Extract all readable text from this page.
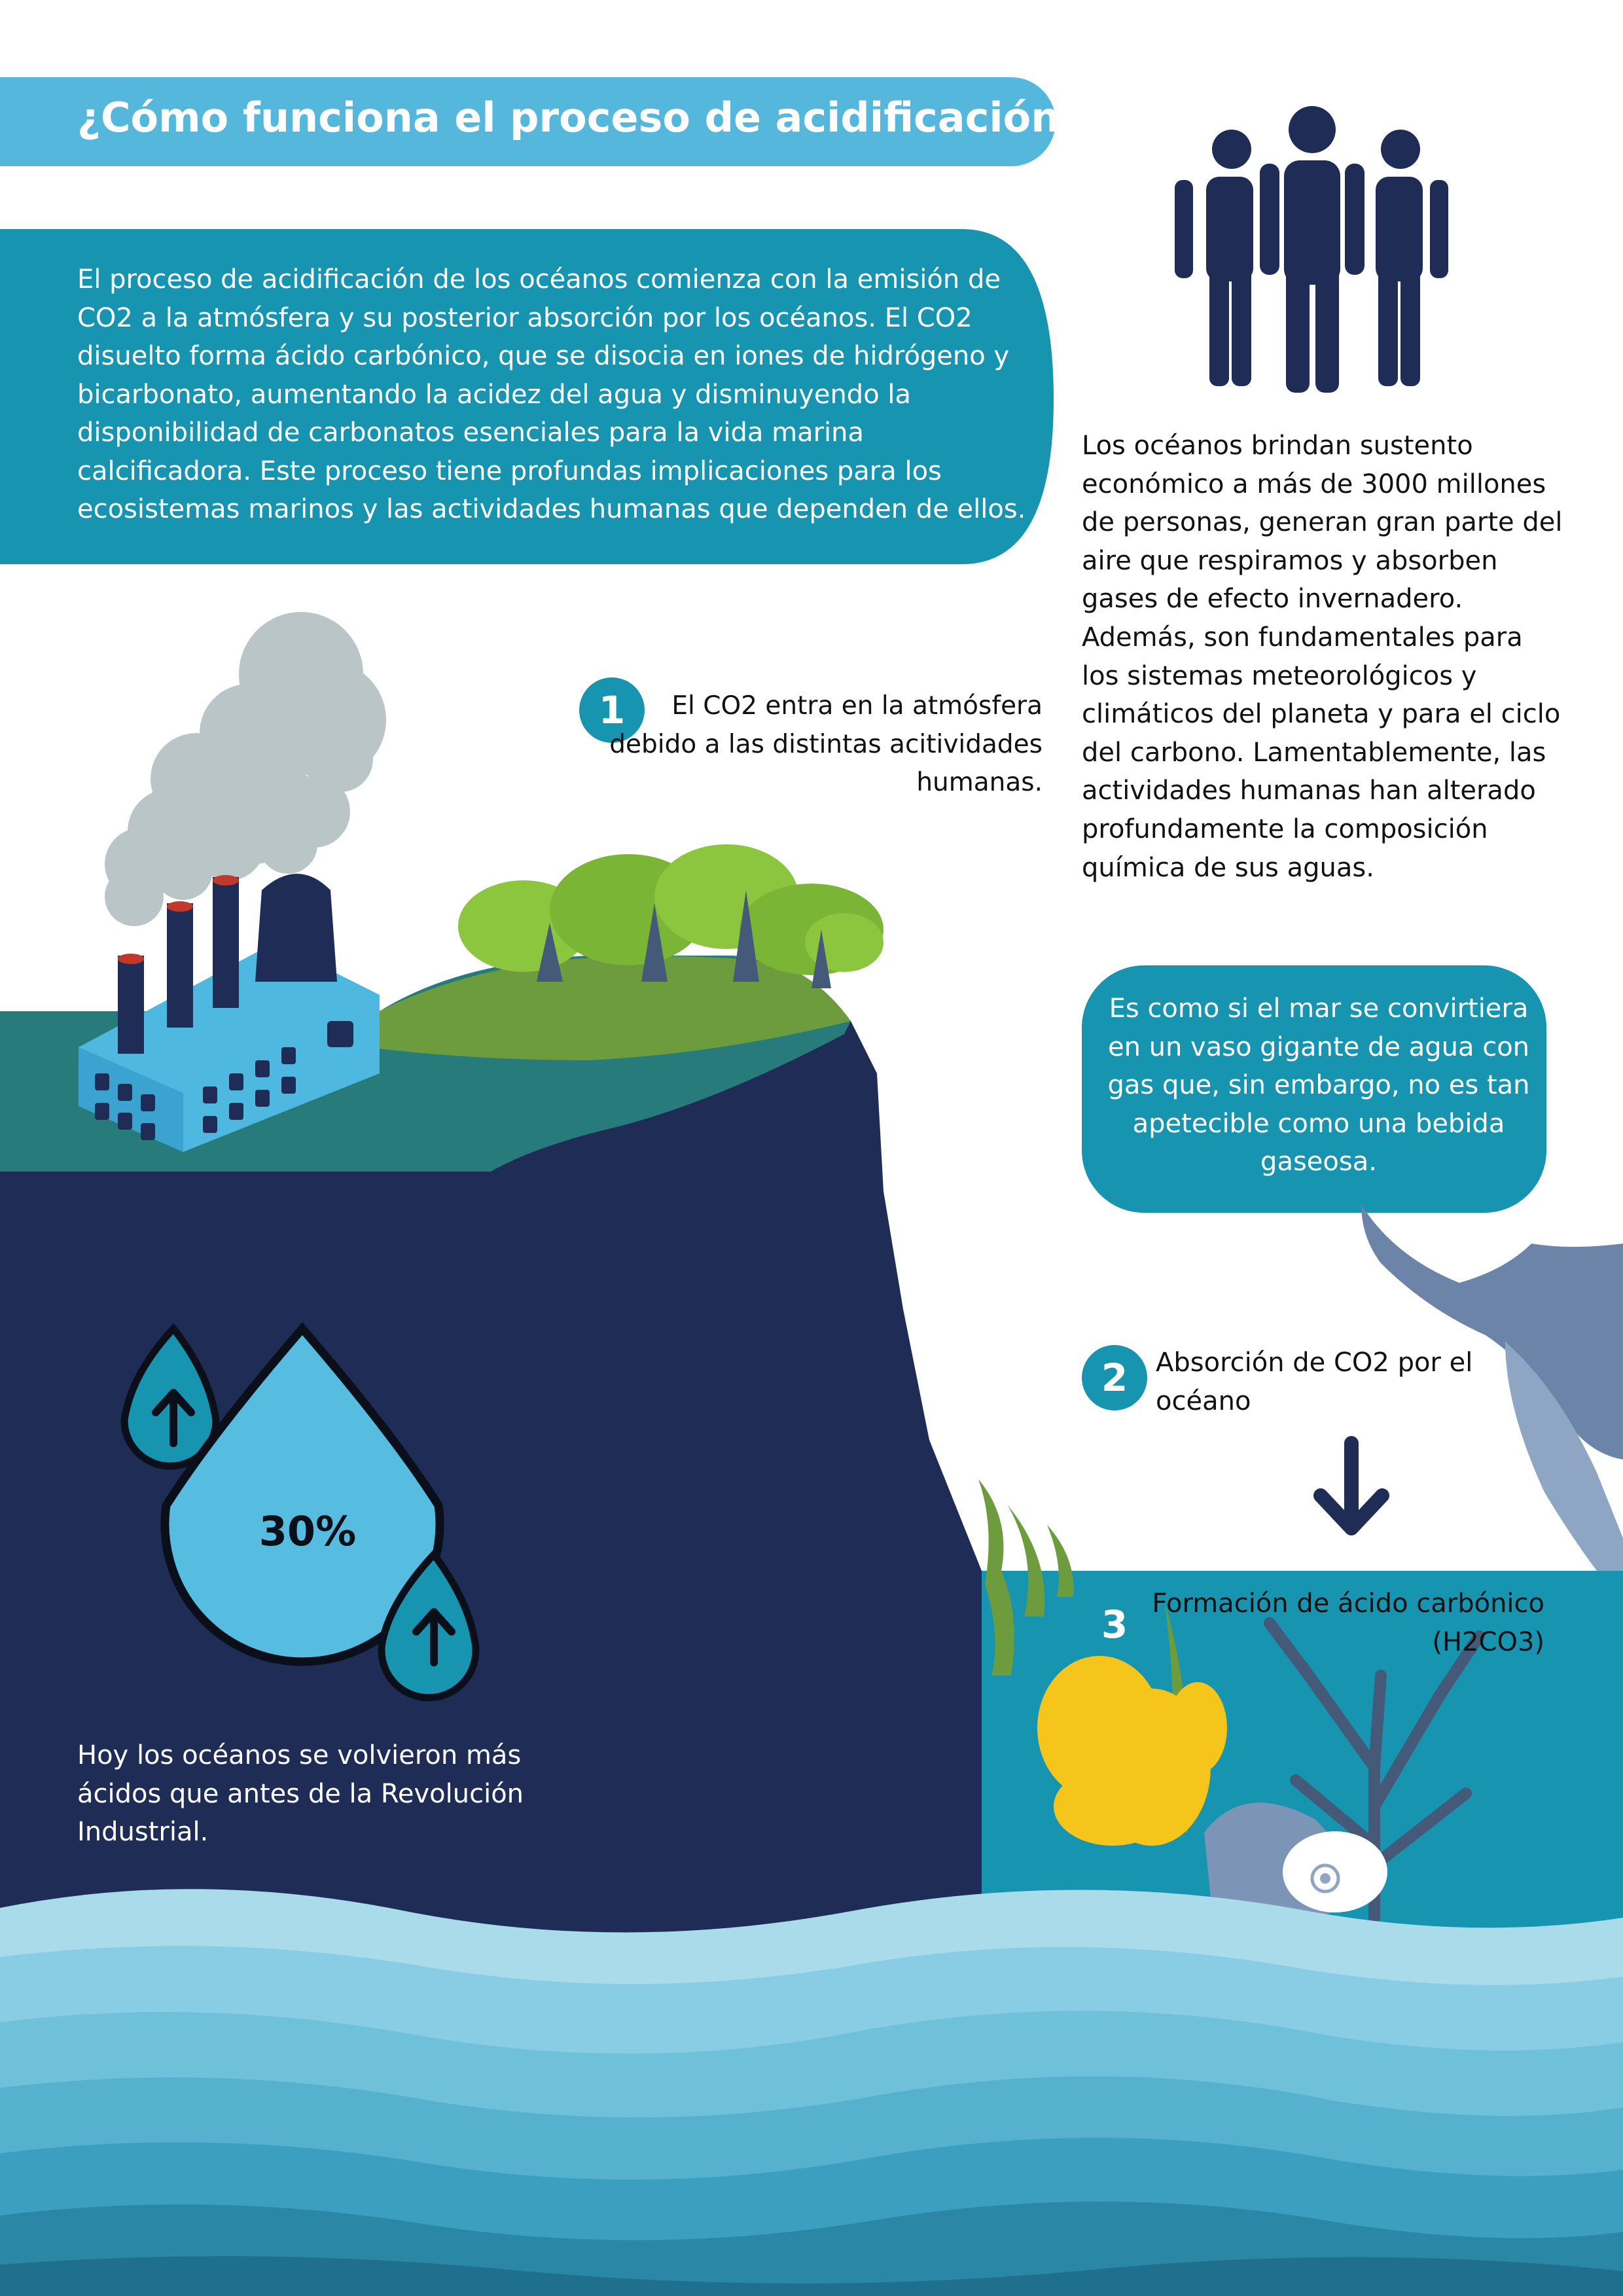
¿Cómo funciona el proceso de acidificación?

El proceso de acidificación de los océanos comienza con la emisión de CO2 a la atmósfera y su posterior absorción por los océanos. El CO2 disuelto forma ácido carbónico, que se disocia en iones de hidrógeno y bicarbonato, aumentando la acidez del agua y disminuyendo la disponibilidad de carbonatos esenciales para la vida marina calcificadora. Este proceso tiene profundas implicaciones para los ecosistemas marinos y las actividades humanas que dependen de ellos.

Los océanos brindan sustento económico a más de 3000 millones de personas, generan gran parte del aire que respiramos y absorben gases de efecto invernadero. Además, son fundamentales para los sistemas meteorológicos y climáticos del planeta y para el ciclo del carbono. Lamentablemente, las actividades humanas han alterado profundamente la composición química de sus aguas.

1	El CO2 entra en la atmósfera debido a las distintas acitividades humanas.

Es como si el mar se convirtiera en un vaso gigante de agua con gas que, sin embargo, no es tan apetecible como una bebida gaseosa.

2	Absorción de CO2 por el océano

3 Formación de ácido carbónico (H2CO3)

30%

Hoy los océanos se volvieron más ácidos que antes de la Revolución Industrial.
